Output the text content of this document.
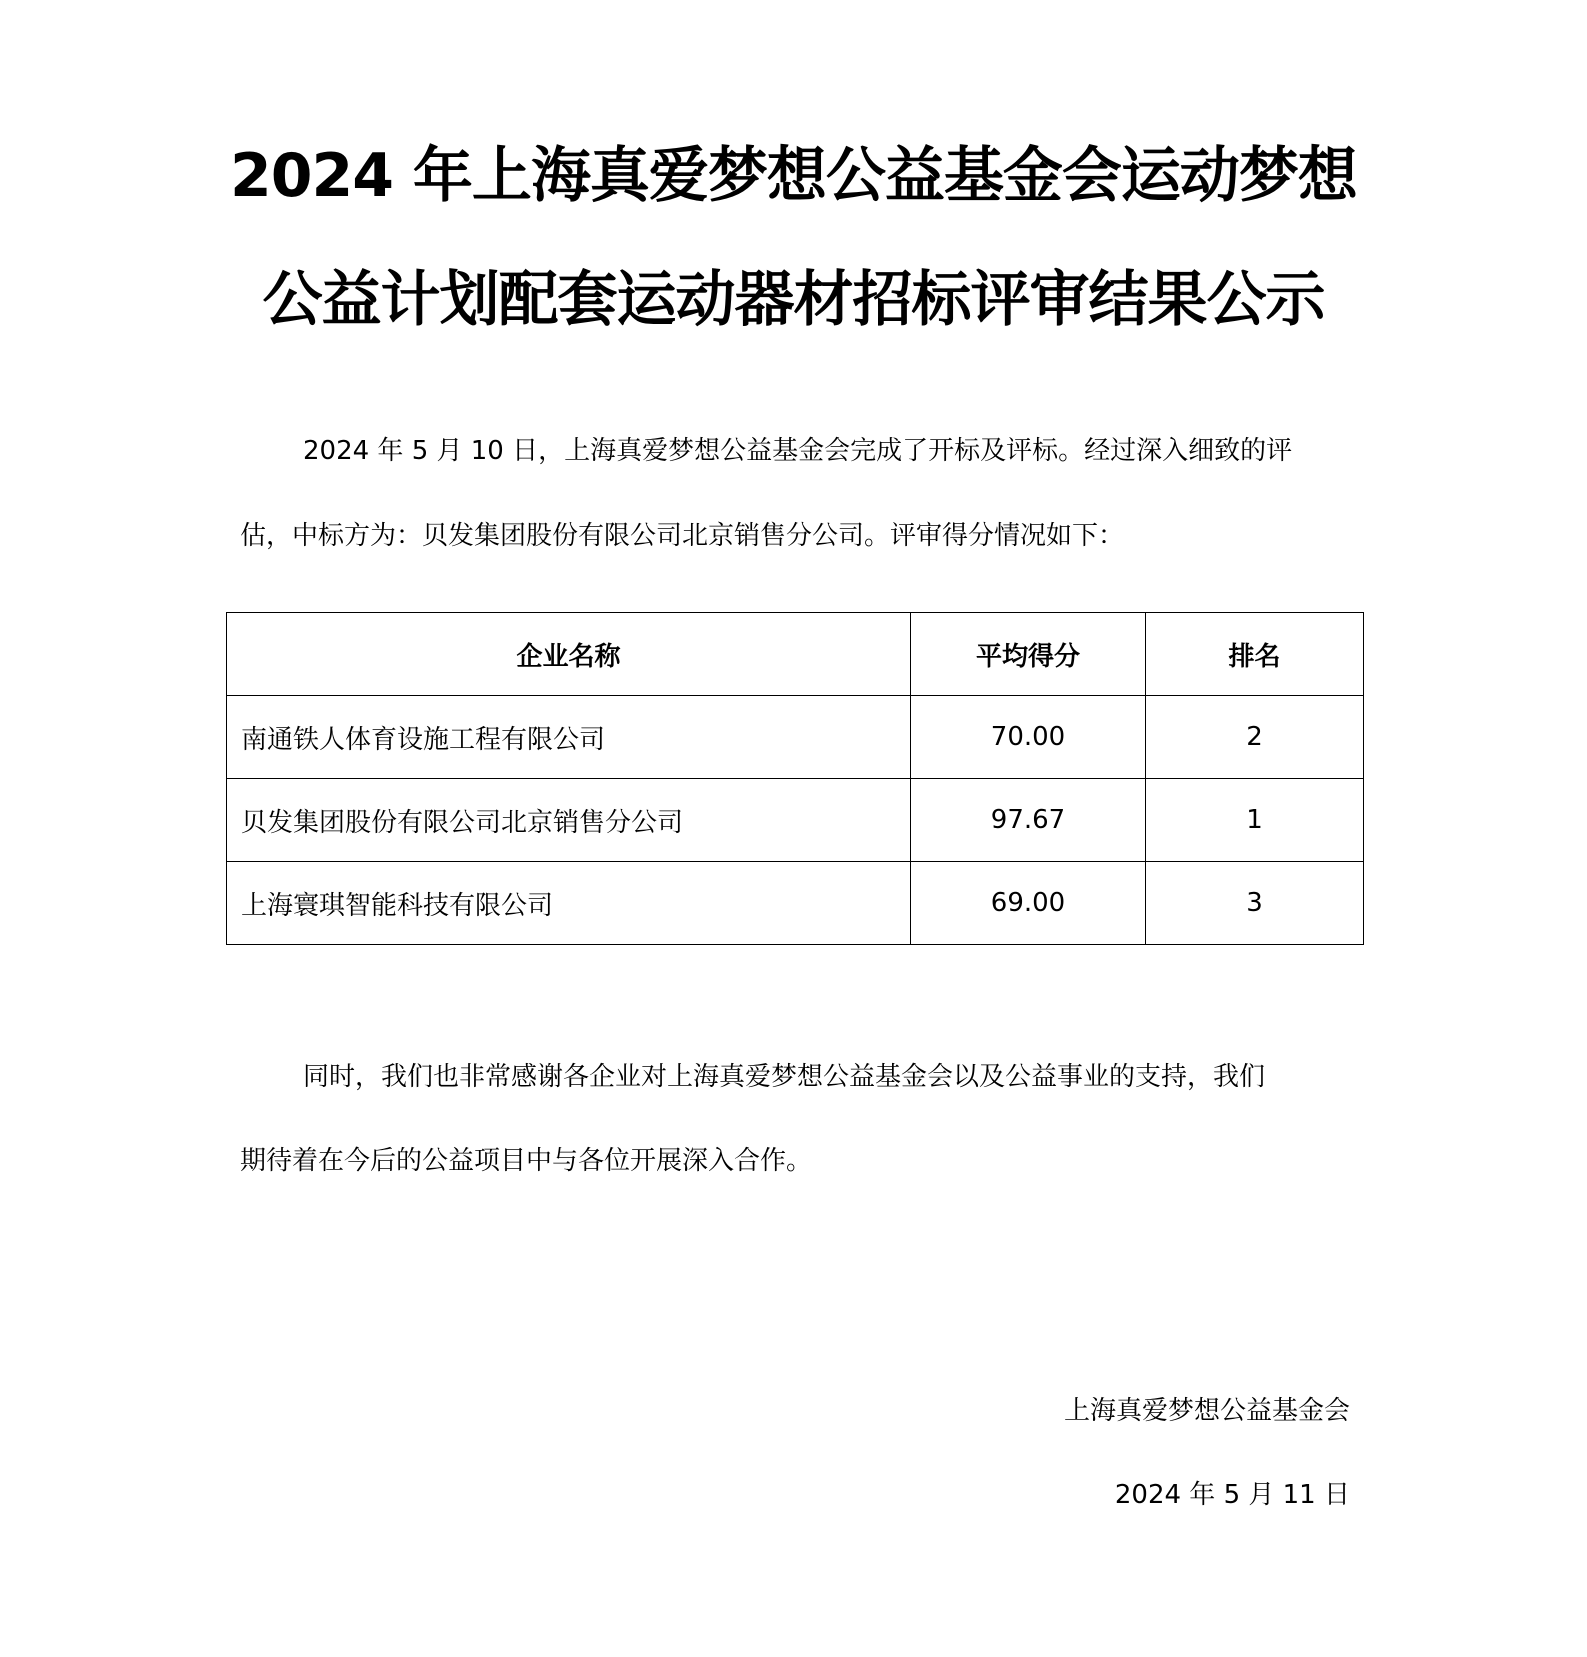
2024 年上海真爱梦想公益基金会运动梦想
公益计划配套运动器材招标评审结果公示
2024 年 5 月 10 日，上海真爱梦想公益基金会完成了开标及评标。经过深入细致的评
估，中标方为：贝发集团股份有限公司北京销售分公司。评审得分情况如下：
企业名称	平均得分	排名
南通铁人体育设施工程有限公司	70.00	2
贝发集团股份有限公司北京销售分公司	97.67	1
上海寰琪智能科技有限公司	69.00	3
同时，我们也非常感谢各企业对上海真爱梦想公益基金会以及公益事业的支持，我们
期待着在今后的公益项目中与各位开展深入合作。
上海真爱梦想公益基金会
2024 年 5 月 11 日
